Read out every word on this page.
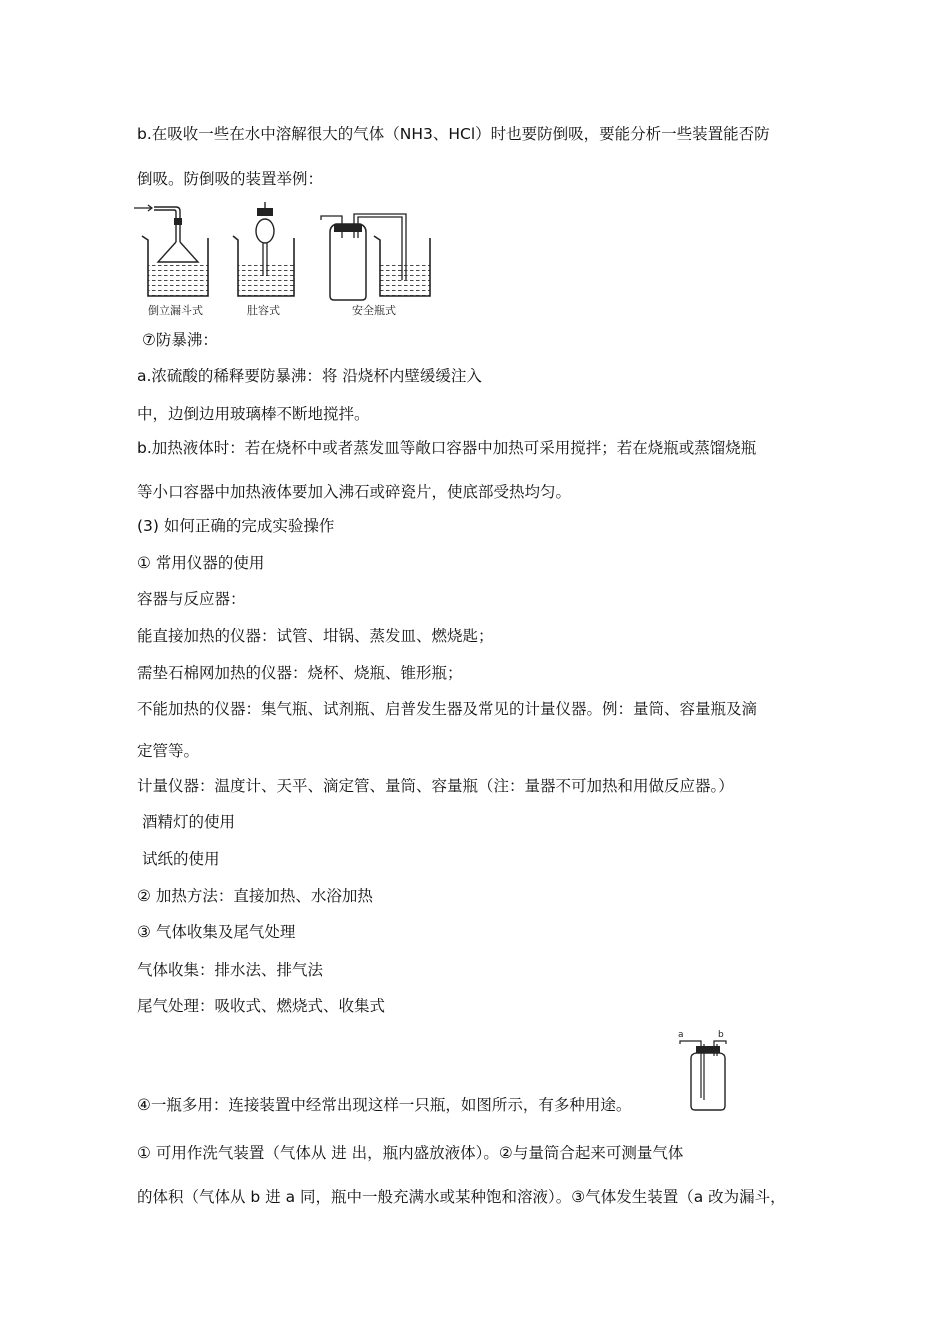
b.在吸收一些在水中溶解很大的气体（NH3、HCl）时也要防倒吸，要能分析一些装置能否防
倒吸。防倒吸的装置举例：
倒立漏斗式	肚容式	安全瓶式
⑦防暴沸：
a.浓硫酸的稀释要防暴沸：将 沿烧杯内壁缓缓注入
中，边倒边用玻璃棒不断地搅拌。
b.加热液体时：若在烧杯中或者蒸发皿等敞口容器中加热可采用搅拌；若在烧瓶或蒸馏烧瓶
等小口容器中加热液体要加入沸石或碎瓷片，使底部受热均匀。
(3) 如何正确的完成实验操作
① 常用仪器的使用
容器与反应器：
能直接加热的仪器：试管、坩锅、蒸发皿、燃烧匙；
需垫石棉网加热的仪器：烧杯、烧瓶、锥形瓶；
不能加热的仪器：集气瓶、试剂瓶、启普发生器及常见的计量仪器。例：量筒、容量瓶及滴
定管等。
计量仪器：温度计、天平、滴定管、量筒、容量瓶（注：量器不可加热和用做反应器。）
酒精灯的使用
试纸的使用
② 加热方法：直接加热、水浴加热
③ 气体收集及尾气处理
气体收集：排水法、排气法
尾气处理：吸收式、燃烧式、收集式
a	b
④一瓶多用：连接装置中经常出现这样一只瓶，如图所示，有多种用途。
① 可用作洗气装置（气体从 进 出，瓶内盛放液体）。②与量筒合起来可测量气体
的体积（气体从 b 进 a 同，瓶中一般充满水或某种饱和溶液）。③气体发生装置（a 改为漏斗，
